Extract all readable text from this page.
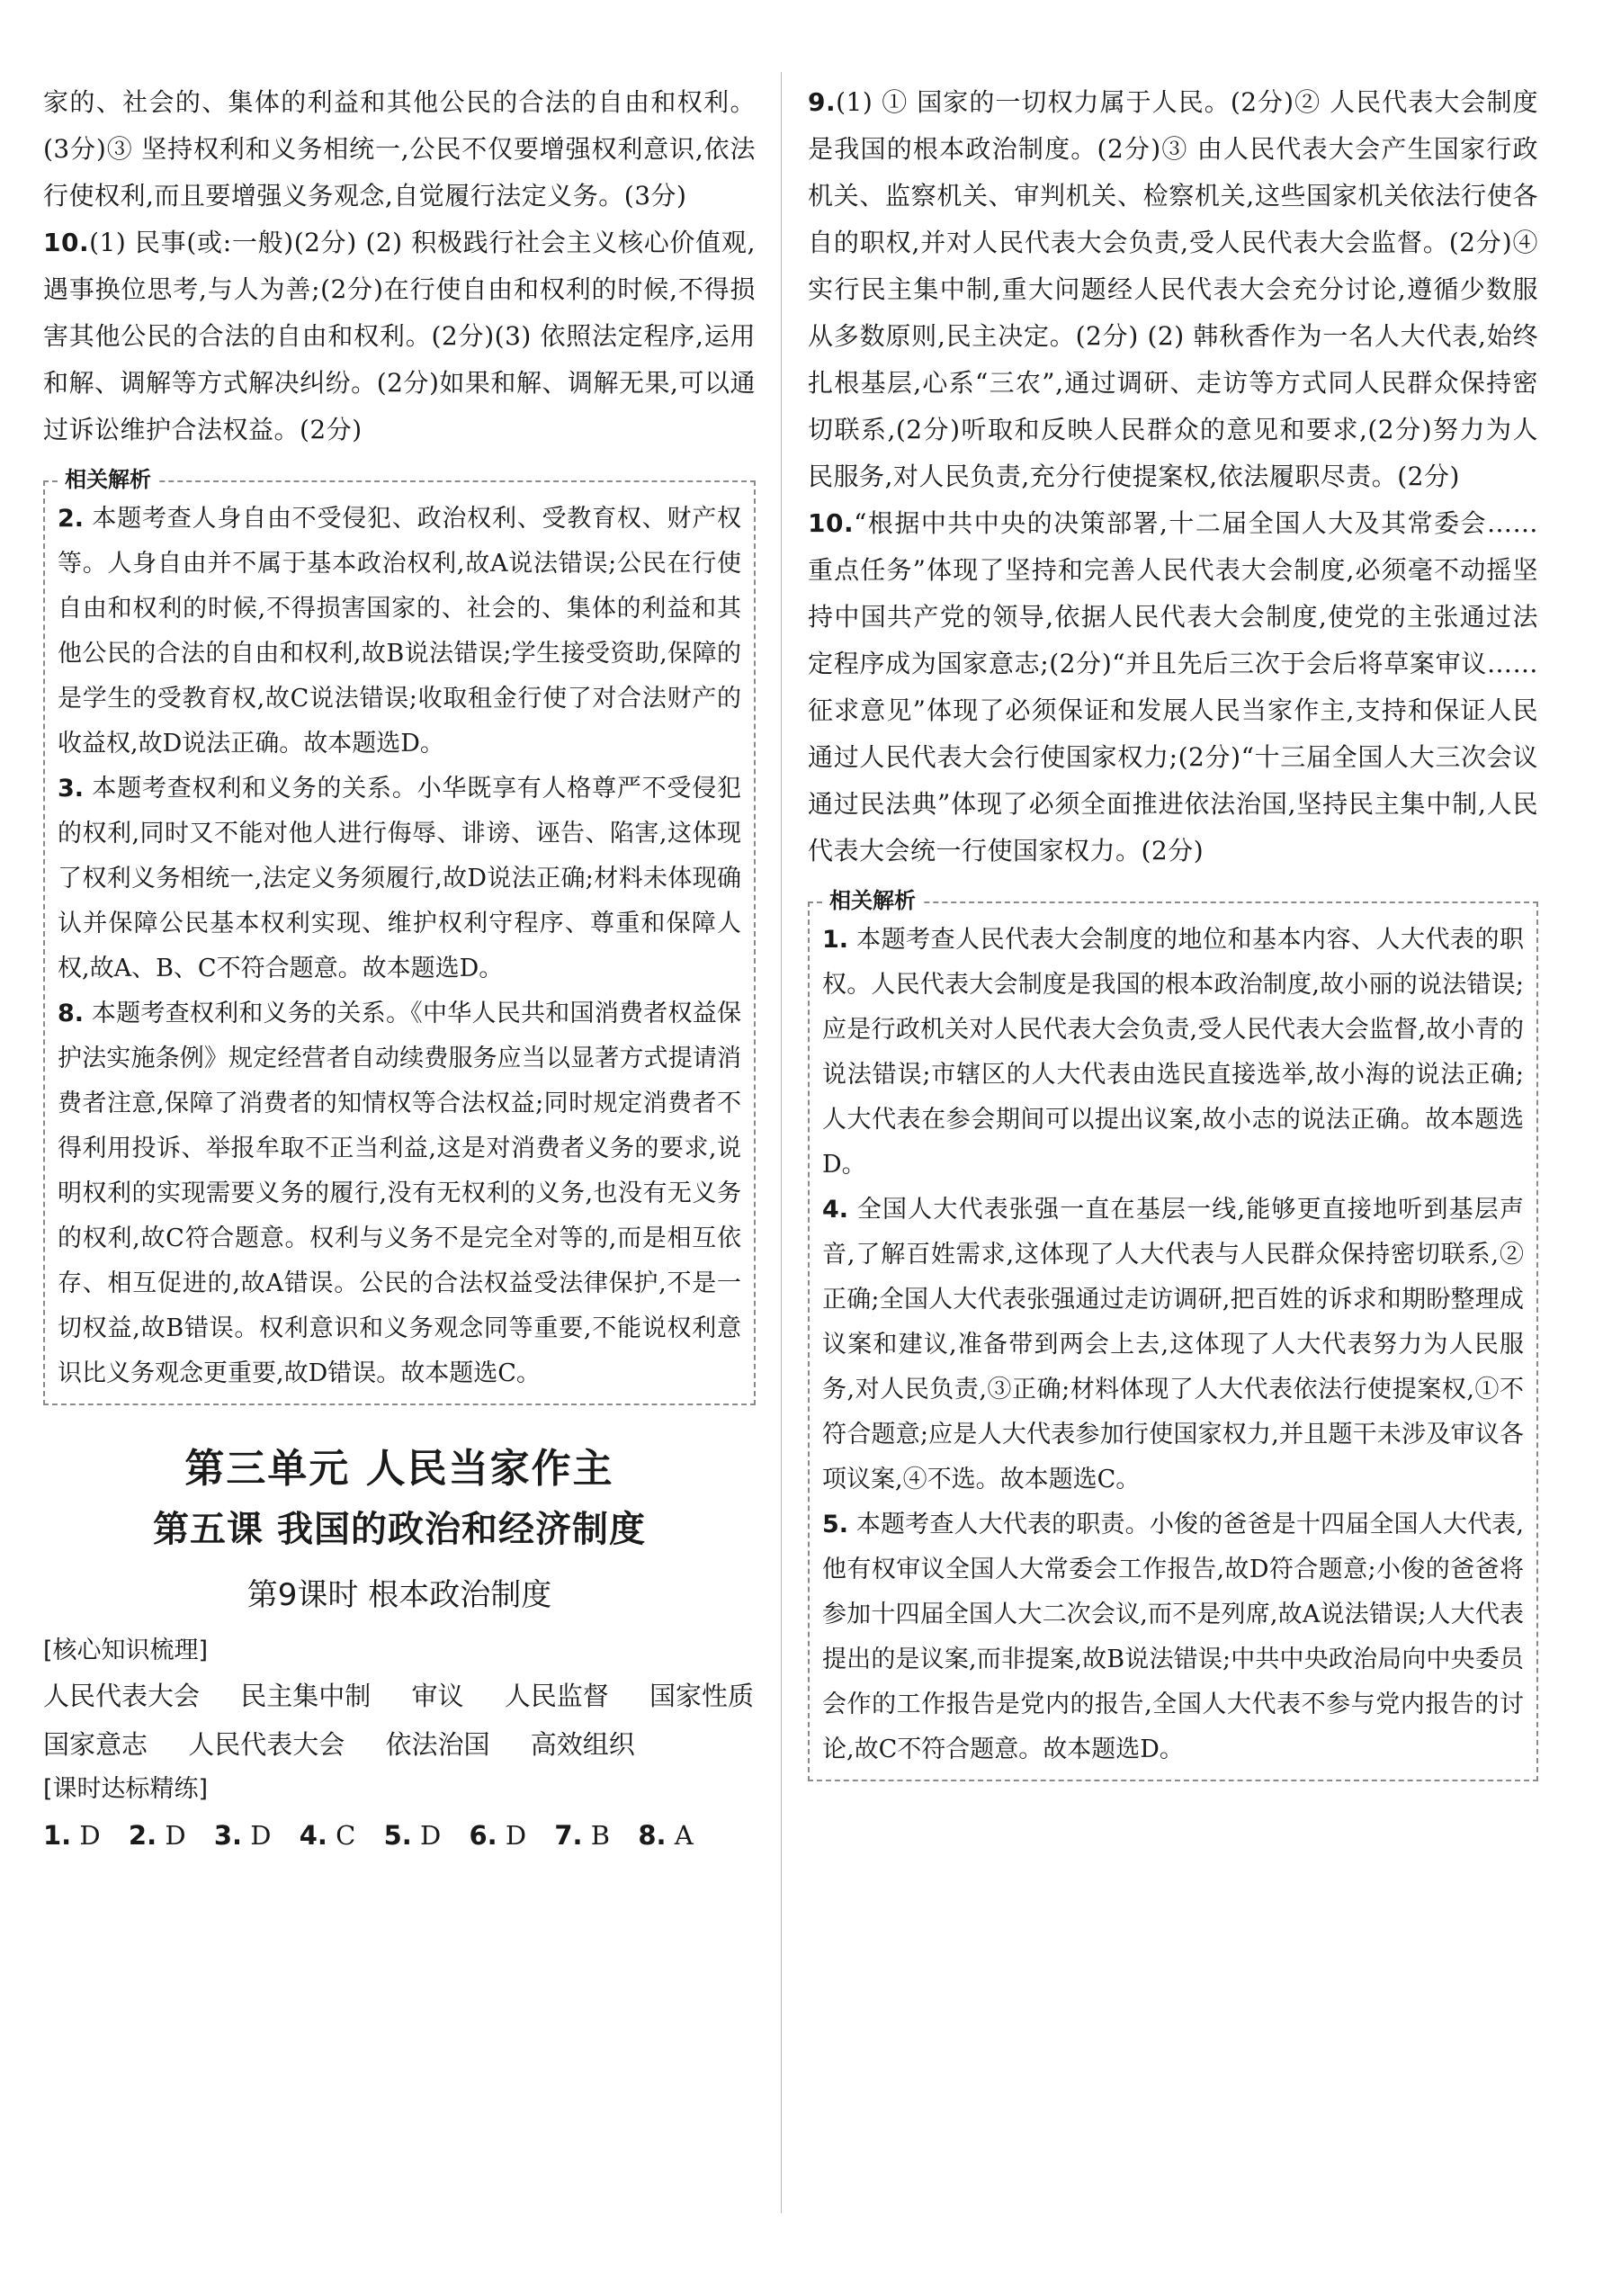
家的、社会的、集体的利益和其他公民的合法的自由和权利。(3分)③ 坚持权利和义务相统一,公民不仅要增强权利意识,依法行使权利,而且要增强义务观念,自觉履行法定义务。(3分)

10.(1) 民事(或:一般)(2分) (2) 积极践行社会主义核心价值观,遇事换位思考,与人为善;(2分)在行使自由和权利的时候,不得损害其他公民的合法的自由和权利。(2分)(3) 依照法定程序,运用和解、调解等方式解决纠纷。(2分)如果和解、调解无果,可以通过诉讼维护合法权益。(2分)

相关解析

2. 本题考查人身自由不受侵犯、政治权利、受教育权、财产权等。人身自由并不属于基本政治权利,故A说法错误;公民在行使自由和权利的时候,不得损害国家的、社会的、集体的利益和其他公民的合法的自由和权利,故B说法错误;学生接受资助,保障的是学生的受教育权,故C说法错误;收取租金行使了对合法财产的收益权,故D说法正确。故本题选D。

3. 本题考查权利和义务的关系。小华既享有人格尊严不受侵犯的权利,同时又不能对他人进行侮辱、诽谤、诬告、陷害,这体现了权利义务相统一,法定义务须履行,故D说法正确;材料未体现确认并保障公民基本权利实现、维护权利守程序、尊重和保障人权,故A、B、C不符合题意。故本题选D。

8. 本题考查权利和义务的关系。《中华人民共和国消费者权益保护法实施条例》规定经营者自动续费服务应当以显著方式提请消费者注意,保障了消费者的知情权等合法权益;同时规定消费者不得利用投诉、举报牟取不正当利益,这是对消费者义务的要求,说明权利的实现需要义务的履行,没有无权利的义务,也没有无义务的权利,故C符合题意。权利与义务不是完全对等的,而是相互依存、相互促进的,故A错误。公民的合法权益受法律保护,不是一切权益,故B错误。权利意识和义务观念同等重要,不能说权利意识比义务观念更重要,故D错误。故本题选C。

第三单元 人民当家作主
第五课 我国的政治和经济制度
第9课时 根本政治制度

[核心知识梳理]

人民代表大会 民主集中制 审议 人民监督 国家性质

国家意志 人民代表大会 依法治国 高效组织

[课时达标精练]

1. D 2. D 3. D 4. C 5. D 6. D 7. B 8. A

9.(1) ① 国家的一切权力属于人民。(2分)② 人民代表大会制度是我国的根本政治制度。(2分)③ 由人民代表大会产生国家行政机关、监察机关、审判机关、检察机关,这些国家机关依法行使各自的职权,并对人民代表大会负责,受人民代表大会监督。(2分)④ 实行民主集中制,重大问题经人民代表大会充分讨论,遵循少数服从多数原则,民主决定。(2分) (2) 韩秋香作为一名人大代表,始终扎根基层,心系“三农”,通过调研、走访等方式同人民群众保持密切联系,(2分)听取和反映人民群众的意见和要求,(2分)努力为人民服务,对人民负责,充分行使提案权,依法履职尽责。(2分)

10.“根据中共中央的决策部署,十二届全国人大及其常委会……重点任务”体现了坚持和完善人民代表大会制度,必须毫不动摇坚持中国共产党的领导,依据人民代表大会制度,使党的主张通过法定程序成为国家意志;(2分)“并且先后三次于会后将草案审议……征求意见”体现了必须保证和发展人民当家作主,支持和保证人民通过人民代表大会行使国家权力;(2分)“十三届全国人大三次会议通过民法典”体现了必须全面推进依法治国,坚持民主集中制,人民代表大会统一行使国家权力。(2分)

相关解析

1. 本题考查人民代表大会制度的地位和基本内容、人大代表的职权。人民代表大会制度是我国的根本政治制度,故小丽的说法错误;应是行政机关对人民代表大会负责,受人民代表大会监督,故小青的说法错误;市辖区的人大代表由选民直接选举,故小海的说法正确;人大代表在参会期间可以提出议案,故小志的说法正确。故本题选D。

4. 全国人大代表张强一直在基层一线,能够更直接地听到基层声音,了解百姓需求,这体现了人大代表与人民群众保持密切联系,②正确;全国人大代表张强通过走访调研,把百姓的诉求和期盼整理成议案和建议,准备带到两会上去,这体现了人大代表努力为人民服务,对人民负责,③正确;材料体现了人大代表依法行使提案权,①不符合题意;应是人大代表参加行使国家权力,并且题干未涉及审议各项议案,④不选。故本题选C。

5. 本题考查人大代表的职责。小俊的爸爸是十四届全国人大代表,他有权审议全国人大常委会工作报告,故D符合题意;小俊的爸爸将参加十四届全国人大二次会议,而不是列席,故A说法错误;人大代表提出的是议案,而非提案,故B说法错误;中共中央政治局向中央委员会作的工作报告是党内的报告,全国人大代表不参与党内报告的讨论,故C不符合题意。故本题选D。
